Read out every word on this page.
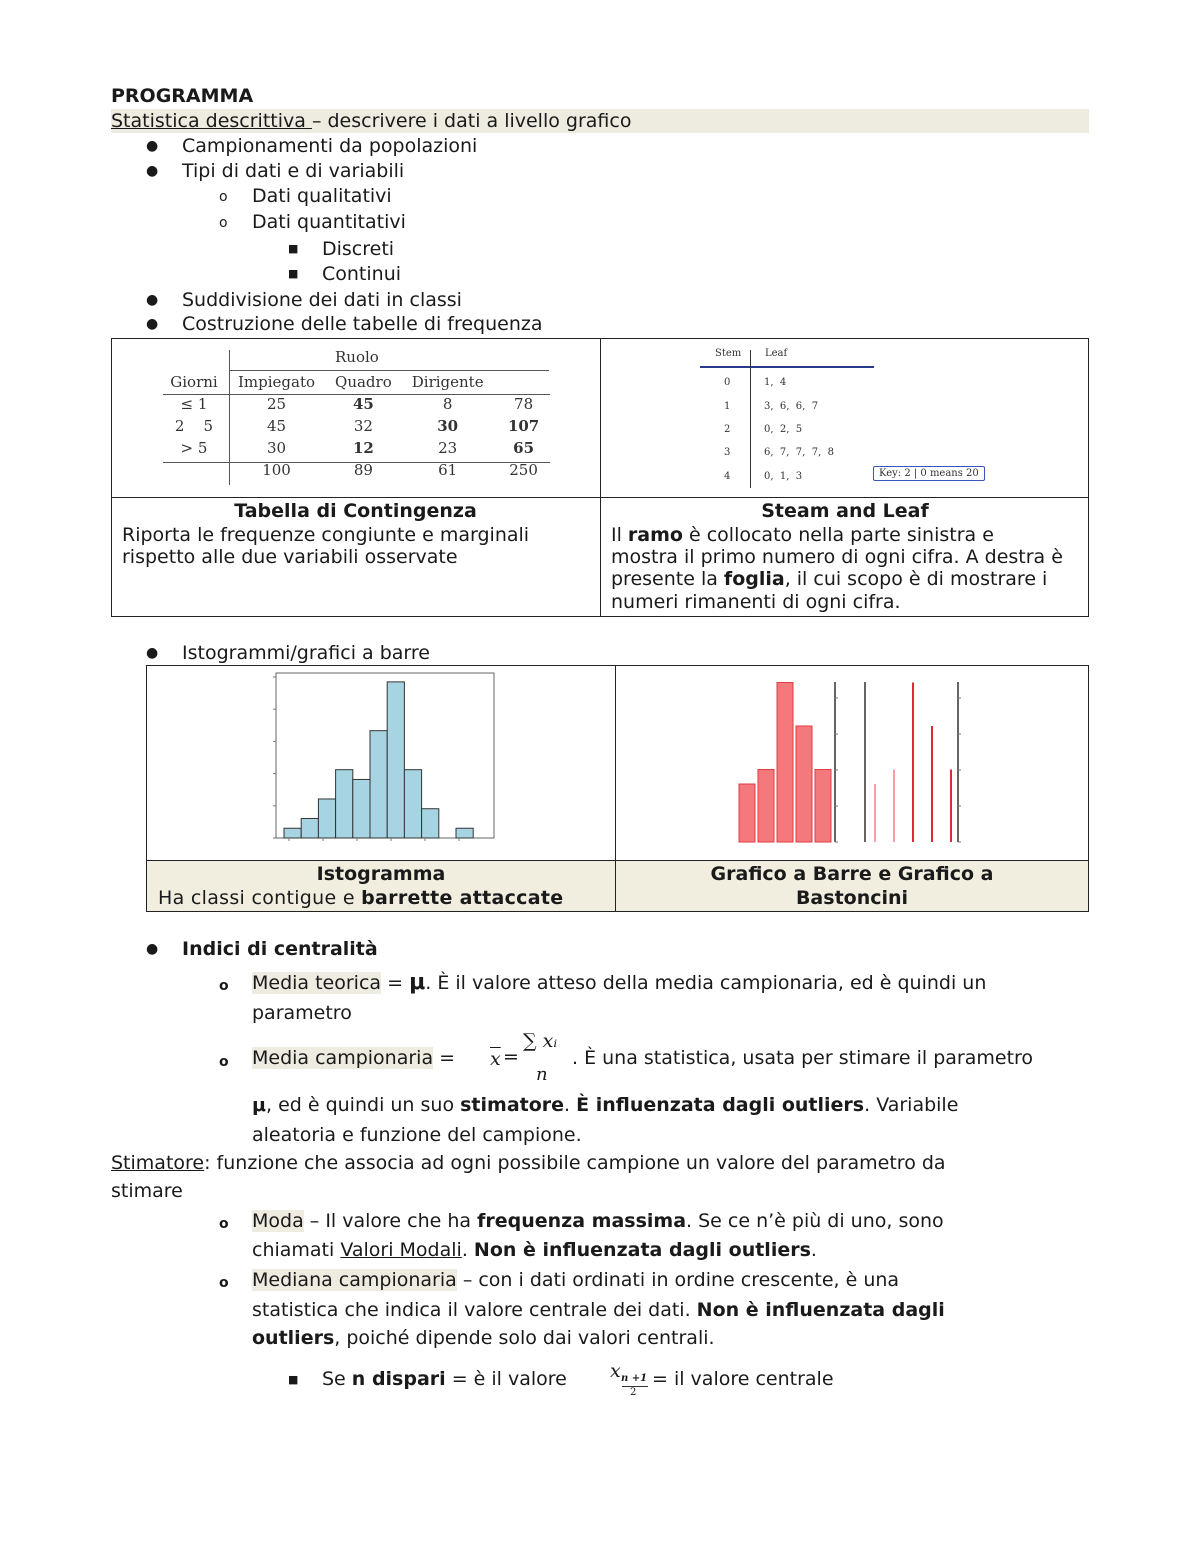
PROGRAMMA
Statistica descrittiva – descrivere i dati a livello grafico
● Campionamenti da popolazioni
● Tipi di dati e di variabili
o Dati qualitativi
o Dati quantitativi
■ Discreti
■ Continui
● Suddivisione dei dati in classi
● Costruzione delle tabelle di frequenza
Ruolo
Giorni	Impiegato	Quadro	Dirigente	
≤ 1	25	45	8	78
2    5	45	32	30	107
> 5	30	12	23	65
	100	89	61	250
Stem Leaf
0	1,  4
1	3,  6,  6,  7
2	0,  2,  5
3	6,  7,  7,  7,  8
4	0,  1,  3	Key: 2 | 0 means 20
Tabella di Contingenza
Riporta le frequenze congiunte e marginali
rispetto alle due variabili osservate
Steam and Leaf
Il ramo è collocato nella parte sinistra e
mostra il primo numero di ogni cifra. A destra è
presente la foglia, il cui scopo è di mostrare i
numeri rimanenti di ogni cifra.
● Istogrammi/grafici a barre
Istogramma
Ha classi contigue e barrette attaccate
Grafico a Barre e Grafico a
Bastoncini
● Indici di centralità
o Media teorica = μ. È il valore atteso della media campionaria, ed è quindi un
parametro
o Media campionaria = $\overline{x}$ =
∑ xᵢ
n
. È una statistica, usata per stimare il parametro
μ, ed è quindi un suo stimatore. È influenzata dagli outliers. Variabile
aleatoria e funzione del campione.
Stimatore: funzione che associa ad ogni possibile campione un valore del parametro da
stimare
o Moda – Il valore che ha frequenza massima. Se ce n’è più di uno, sono
chiamati Valori Modali. Non è influenzata dagli outliers.
o Mediana campionaria – con i dati ordinati in ordine crescente, è una
statistica che indica il valore centrale dei dati. Non è influenzata dagli
outliers, poiché dipende solo dai valori centrali.
■ Se n dispari = è il valore x n +1
2
= il valore centrale
